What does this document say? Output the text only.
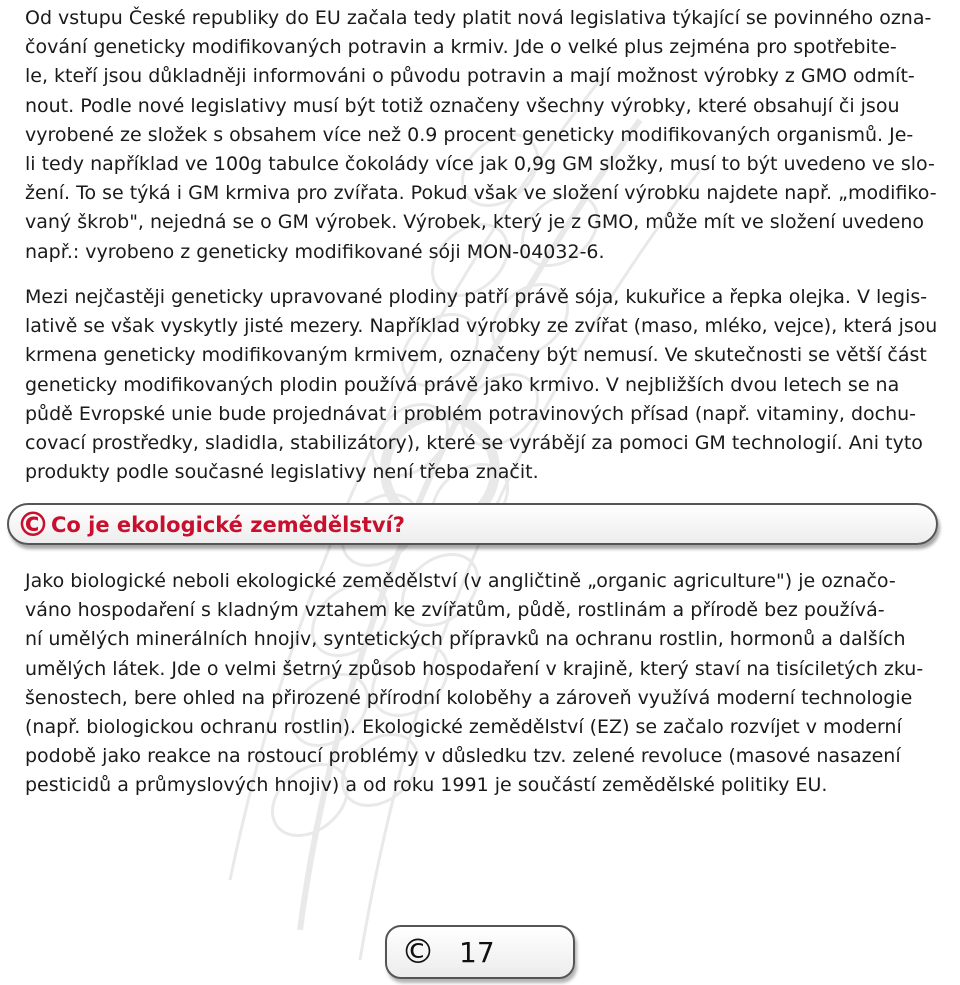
Od vstupu České republiky do EU začala tedy platit nová legislativa týkající se povinného ozna-
čování geneticky modifikovaných potravin a krmiv. Jde o velké plus zejména pro spotřebite-
le, kteří jsou důkladněji informováni o původu potravin a mají možnost výrobky z GMO odmít-
nout. Podle nové legislativy musí být totiž označeny všechny výrobky, které obsahují či jsou
vyrobené ze složek s obsahem více než 0.9 procent geneticky modifikovaných organismů. Je-
li tedy například ve 100g tabulce čokolády více jak 0,9g GM složky, musí to být uvedeno ve slo-
žení. To se týká i GM krmiva pro zvířata. Pokud však ve složení výrobku najdete např. „modifiko-
vaný škrob", nejedná se o GM výrobek. Výrobek, který je z GMO, může mít ve složení uvedeno
např.: vyrobeno z geneticky modifikované sóji MON-04032-6.
Mezi nejčastěji geneticky upravované plodiny patří právě sója, kukuřice a řepka olejka. V legis-
lativě se však vyskytly jisté mezery. Například výrobky ze zvířat (maso, mléko, vejce), která jsou
krmena geneticky modifikovaným krmivem, označeny být nemusí. Ve skutečnosti se větší část
geneticky modifikovaných plodin používá právě jako krmivo. V nejbližších dvou letech se na
půdě Evropské unie bude projednávat i problém potravinových přísad (např. vitaminy, dochu-
covací prostředky, sladidla, stabilizátory), které se vyrábějí za pomoci GM technologií. Ani tyto
produkty podle současné legislativy není třeba značit.
© Co je ekologické zemědělství?
Jako biologické neboli ekologické zemědělství (v angličtině „organic agriculture") je označo-
váno hospodaření s kladným vztahem ke zvířatům, půdě, rostlinám a přírodě bez používá-
ní umělých minerálních hnojiv, syntetických přípravků na ochranu rostlin, hormonů a dalších
umělých látek. Jde o velmi šetrný způsob hospodaření v krajině, který staví na tisíciletých zku-
šenostech, bere ohled na přirozené přírodní koloběhy a zároveň využívá moderní technologie
(např. biologickou ochranu rostlin). Ekologické zemědělství (EZ) se začalo rozvíjet v moderní
podobě jako reakce na rostoucí problémy v důsledku tzv. zelené revoluce (masové nasazení
pesticidů a průmyslových hnojiv) a od roku 1991 je součástí zemědělské politiky EU.
© 17
